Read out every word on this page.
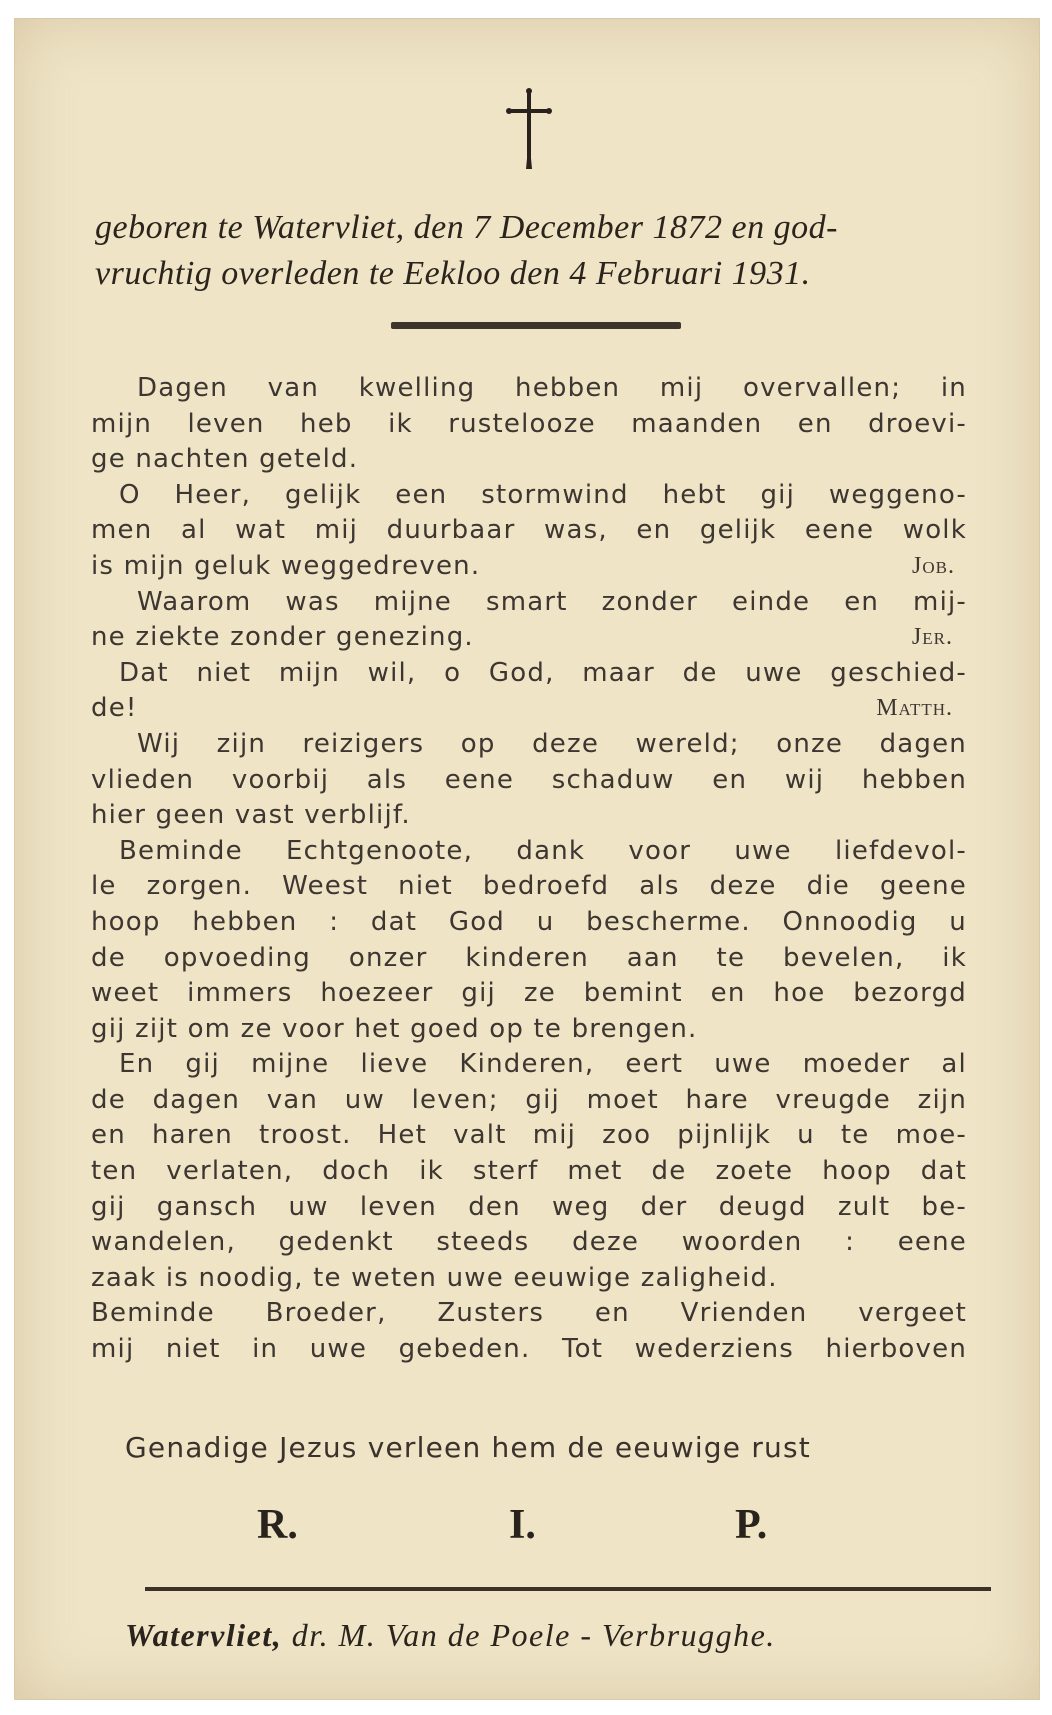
geboren te Watervliet, den 7 December 1872 en god-
vruchtig overleden te Eekloo den 4 Februari 1931.
Dagen van kwelling hebben mij overvallen; in
mijn leven heb ik rusteloozе maanden en droevi-
ge nachten geteld.
O Heer, gelijk een stormwind hebt gij weggeno-
men al wat mij duurbaar was, en gelijk eene wolk
is mijn geluk weggedreven.	Job.
Waarom was mijne smart zonder einde en mij-
ne ziekte zonder genezing.	Jer.
Dat niet mijn wil, o God, maar de uwe geschied-
de!	Matth.
Wij zijn reizigers op deze wereld; onze dagen
vlieden voorbij als eene schaduw en wij hebben
hier geen vast verblijf.
Beminde Echtgenoote, dank voor uwe liefdevol-
le zorgen. Weest niet bedroefd als deze die geene
hoop hebben : dat God u bescherme. Onnoodig u
de opvoeding onzer kinderen aan te bevelen, ik
weet immers hoezeer gij ze bemint en hoe bezorgd
gij zijt om ze voor het goed op te brengen.
En gij mijne lieve Kinderen, eert uwe moeder al
de dagen van uw leven; gij moet hare vreugde zijn
en haren troost. Het valt mij zoo pijnlijk u te moe-
ten verlaten, doch ik sterf met de zoete hoop dat
gij gansch uw leven den weg der deugd zult be-
wandelen, gedenkt steeds deze woorden : eene
zaak is noodig, te weten uwe eeuwige zaligheid.
Beminde Broeder, Zusters en Vrienden vergeet
mij niet in uwe gebeden. Tot wederziens hierboven
Genadige Jezus verleen hem de eeuwige rust
R.	I.	P.
Watervliet, dr. M. Van de Poele - Verbrugghe.
